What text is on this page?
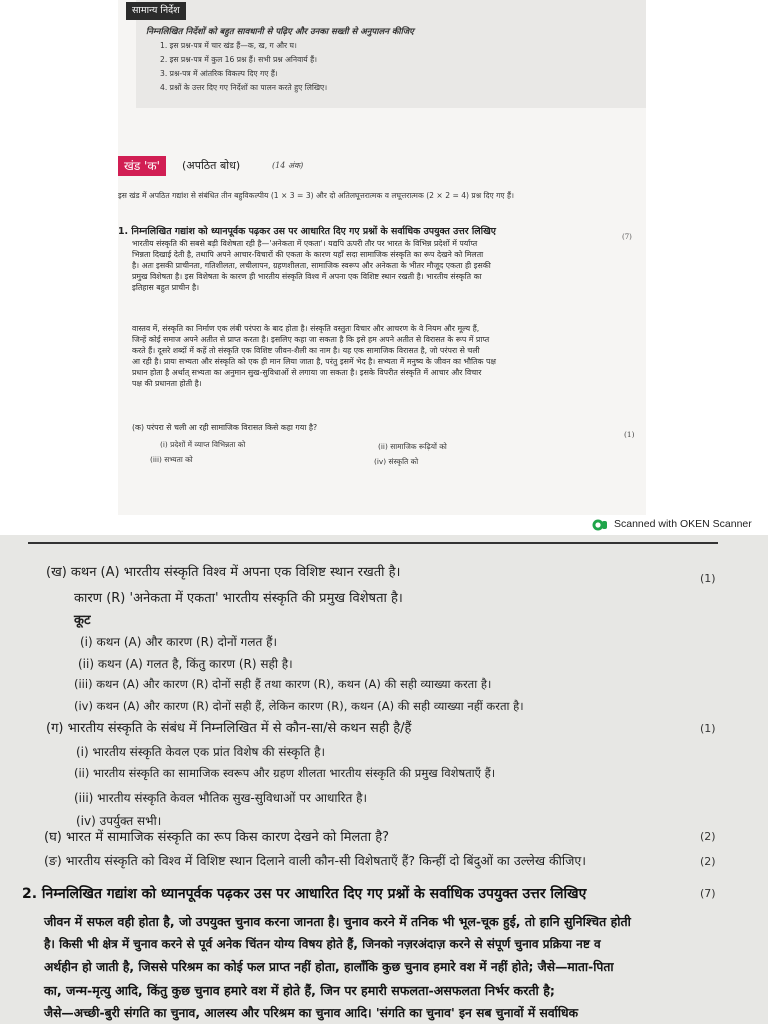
सामान्य निर्देश
निम्नलिखित निर्देशों को बहुत सावधानी से पढ़िए और उनका सख्ती से अनुपालन कीजिए
1. इस प्रश्न-पत्र में चार खंड हैं—क, ख, ग और घ।
2. इस प्रश्न-पत्र में कुल 16 प्रश्न हैं। सभी प्रश्न अनिवार्य हैं।
3. प्रश्न-पत्र में आंतरिक विकल्प दिए गए हैं।
4. प्रश्नों के उत्तर दिए गए निर्देशों का पालन करते हुए लिखिए।
खंड 'क'	(अपठित बोध)	(14 अंक)
इस खंड में अपठित गद्यांश से संबंधित तीन बहुविकल्पीय (1 × 3 = 3) और दो अतिलघूत्तरात्मक व लघूत्तरात्मक (2 × 2 = 4) प्रश्न दिए गए हैं।
1. निम्नलिखित गद्यांश को ध्यानपूर्वक पढ़कर उस पर आधारित दिए गए प्रश्नों के सर्वाधिक उपयुक्त उत्तर लिखिए	(7)
भारतीय संस्कृति की सबसे बड़ी विशेषता रही है—'अनेकता में एकता'। यद्यपि ऊपरी तौर पर भारत के विभिन्न प्रदेशों में पर्याप्त
भिन्नता दिखाई देती है, तथापि अपने आचार-विचारों की एकता के कारण यहाँ सदा सामाजिक संस्कृति का रूप देखने को मिलता
है। अतः इसकी प्राचीनता, गतिशीलता, लचीलापन, ग्रहणशीलता, सामाजिक स्वरूप और अनेकता के भीतर मौजूद एकता ही इसकी
प्रमुख विशेषता है। इस विशेषता के कारण ही भारतीय संस्कृति विश्व में अपना एक विशिष्ट स्थान रखती है। भारतीय संस्कृति का
इतिहास बहुत प्राचीन है।
वास्तव में, संस्कृति का निर्माण एक लंबी परंपरा के बाद होता है। संस्कृति वस्तुतः विचार और आचरण के वे नियम और मूल्य हैं,
जिन्हें कोई समाज अपने अतीत से प्राप्त करता है। इसलिए कहा जा सकता है कि इसे हम अपने अतीत से विरासत के रूप में प्राप्त
करते हैं। दूसरे शब्दों में कहें तो संस्कृति एक विशिष्ट जीवन-शैली का नाम है। यह एक सामाजिक विरासत है, जो परंपरा से चली
आ रही है। प्रायः सभ्यता और संस्कृति को एक ही मान लिया जाता है, परंतु इसमें भेद है। सभ्यता में मनुष्य के जीवन का भौतिक पक्ष
प्रधान होता है अर्थात् सभ्यता का अनुमान सुख-सुविधाओं से लगाया जा सकता है। इसके विपरीत संस्कृति में आचार और विचार
पक्ष की प्रधानता होती है।
(क) परंपरा से चली आ रही सामाजिक विरासत किसे कहा गया है?
(1)
(i) प्रदेशों में व्याप्त विभिन्नता को	(ii) सामाजिक रूढ़ियों को
(iii) सभ्यता को	(iv) संस्कृति को
Scanned with OKEN Scanner
(ख) कथन (A) भारतीय संस्कृति विश्व में अपना एक विशिष्ट स्थान रखती है।	(1)
कारण (R) 'अनेकता में एकता' भारतीय संस्कृति की प्रमुख विशेषता है।
कूट
(i) कथन (A) और कारण (R) दोनों गलत हैं।
(ii) कथन (A) गलत है, किंतु कारण (R) सही है।
(iii) कथन (A) और कारण (R) दोनों सही हैं तथा कारण (R), कथन (A) की सही व्याख्या करता है।
(iv) कथन (A) और कारण (R) दोनों सही हैं, लेकिन कारण (R), कथन (A) की सही व्याख्या नहीं करता है।
(ग) भारतीय संस्कृति के संबंध में निम्नलिखित में से कौन-सा/से कथन सही है/हैं	(1)
(i) भारतीय संस्कृति केवल एक प्रांत विशेष की संस्कृति है।
(ii) भारतीय संस्कृति का सामाजिक स्वरूप और ग्रहण शीलता भारतीय संस्कृति की प्रमुख विशेषताएँ हैं।
(iii) भारतीय संस्कृति केवल भौतिक सुख-सुविधाओं पर आधारित है।
(iv) उपर्युक्त सभी।
(घ) भारत में सामाजिक संस्कृति का रूप किस कारण देखने को मिलता है?	(2)
(ङ) भारतीय संस्कृति को विश्व में विशिष्ट स्थान दिलाने वाली कौन-सी विशेषताएँ हैं? किन्हीं दो बिंदुओं का उल्लेख कीजिए।	(2)
2. निम्नलिखित गद्यांश को ध्यानपूर्वक पढ़कर उस पर आधारित दिए गए प्रश्नों के सर्वाधिक उपयुक्त उत्तर लिखिए	(7)
जीवन में सफल वही होता है, जो उपयुक्त चुनाव करना जानता है। चुनाव करने में तनिक भी भूल-चूक हुई, तो हानि सुनिश्चित होती
है। किसी भी क्षेत्र में चुनाव करने से पूर्व अनेक चिंतन योग्य विषय होते हैं, जिनको नज़रअंदाज़ करने से संपूर्ण चुनाव प्रक्रिया नष्ट व
अर्थहीन हो जाती है, जिससे परिश्रम का कोई फल प्राप्त नहीं होता, हालाँकि कुछ चुनाव हमारे वश में नहीं होते; जैसे—माता-पिता
का, जन्म-मृत्यु आदि, किंतु कुछ चुनाव हमारे वश में होते हैं, जिन पर हमारी सफलता-असफलता निर्भर करती है;
जैसे—अच्छी-बुरी संगति का चुनाव, आलस्य और परिश्रम का चुनाव आदि। 'संगति का चुनाव' इन सब चुनावों में सर्वाधिक
